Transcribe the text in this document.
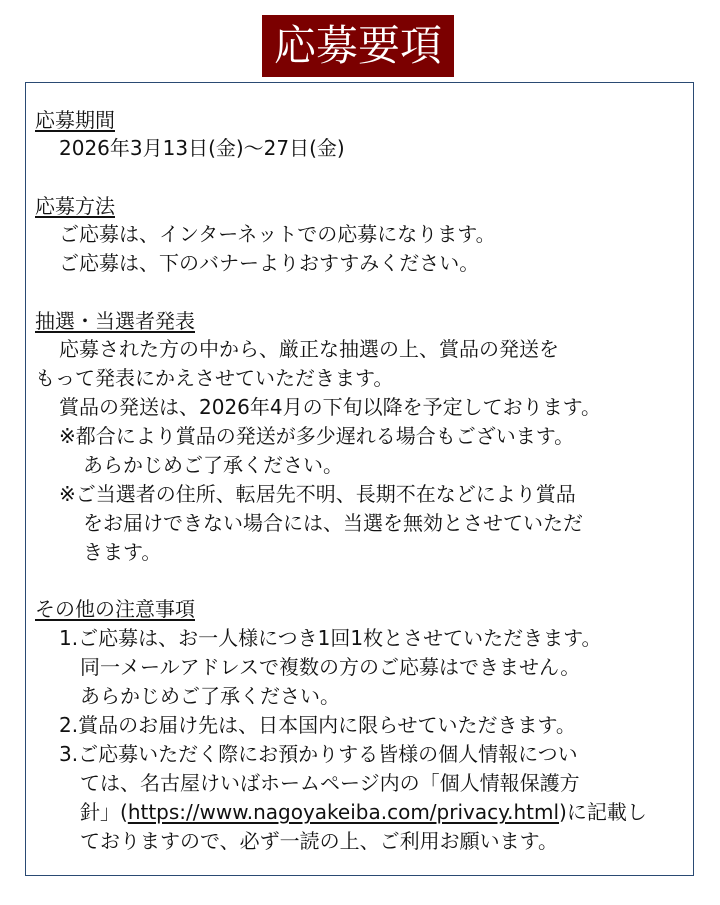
応募要項
応募期間
2026年3月13日(金)～27日(金)
応募方法
ご応募は、インターネットでの応募になります。
ご応募は、下のバナーよりおすすみください。
抽選・当選者発表
応募された方の中から、厳正な抽選の上、賞品の発送を
もって発表にかえさせていただきます。
賞品の発送は、2026年4月の下旬以降を予定しております。
※都合により賞品の発送が多少遅れる場合もございます。
あらかじめご了承ください。
※ご当選者の住所、転居先不明、長期不在などにより賞品
をお届けできない場合には、当選を無効とさせていただ
きます。
その他の注意事項
1.ご応募は、お一人様につき1回1枚とさせていただきます。
同一メールアドレスで複数の方のご応募はできません。
あらかじめご了承ください。
2.賞品のお届け先は、日本国内に限らせていただきます。
3.ご応募いただく際にお預かりする皆様の個人情報につい
ては、名古屋けいばホームページ内の「個人情報保護方
針」(https://www.nagoyakeiba.com/privacy.html)に記載し
ておりますので、必ず一読の上、ご利用お願います。
